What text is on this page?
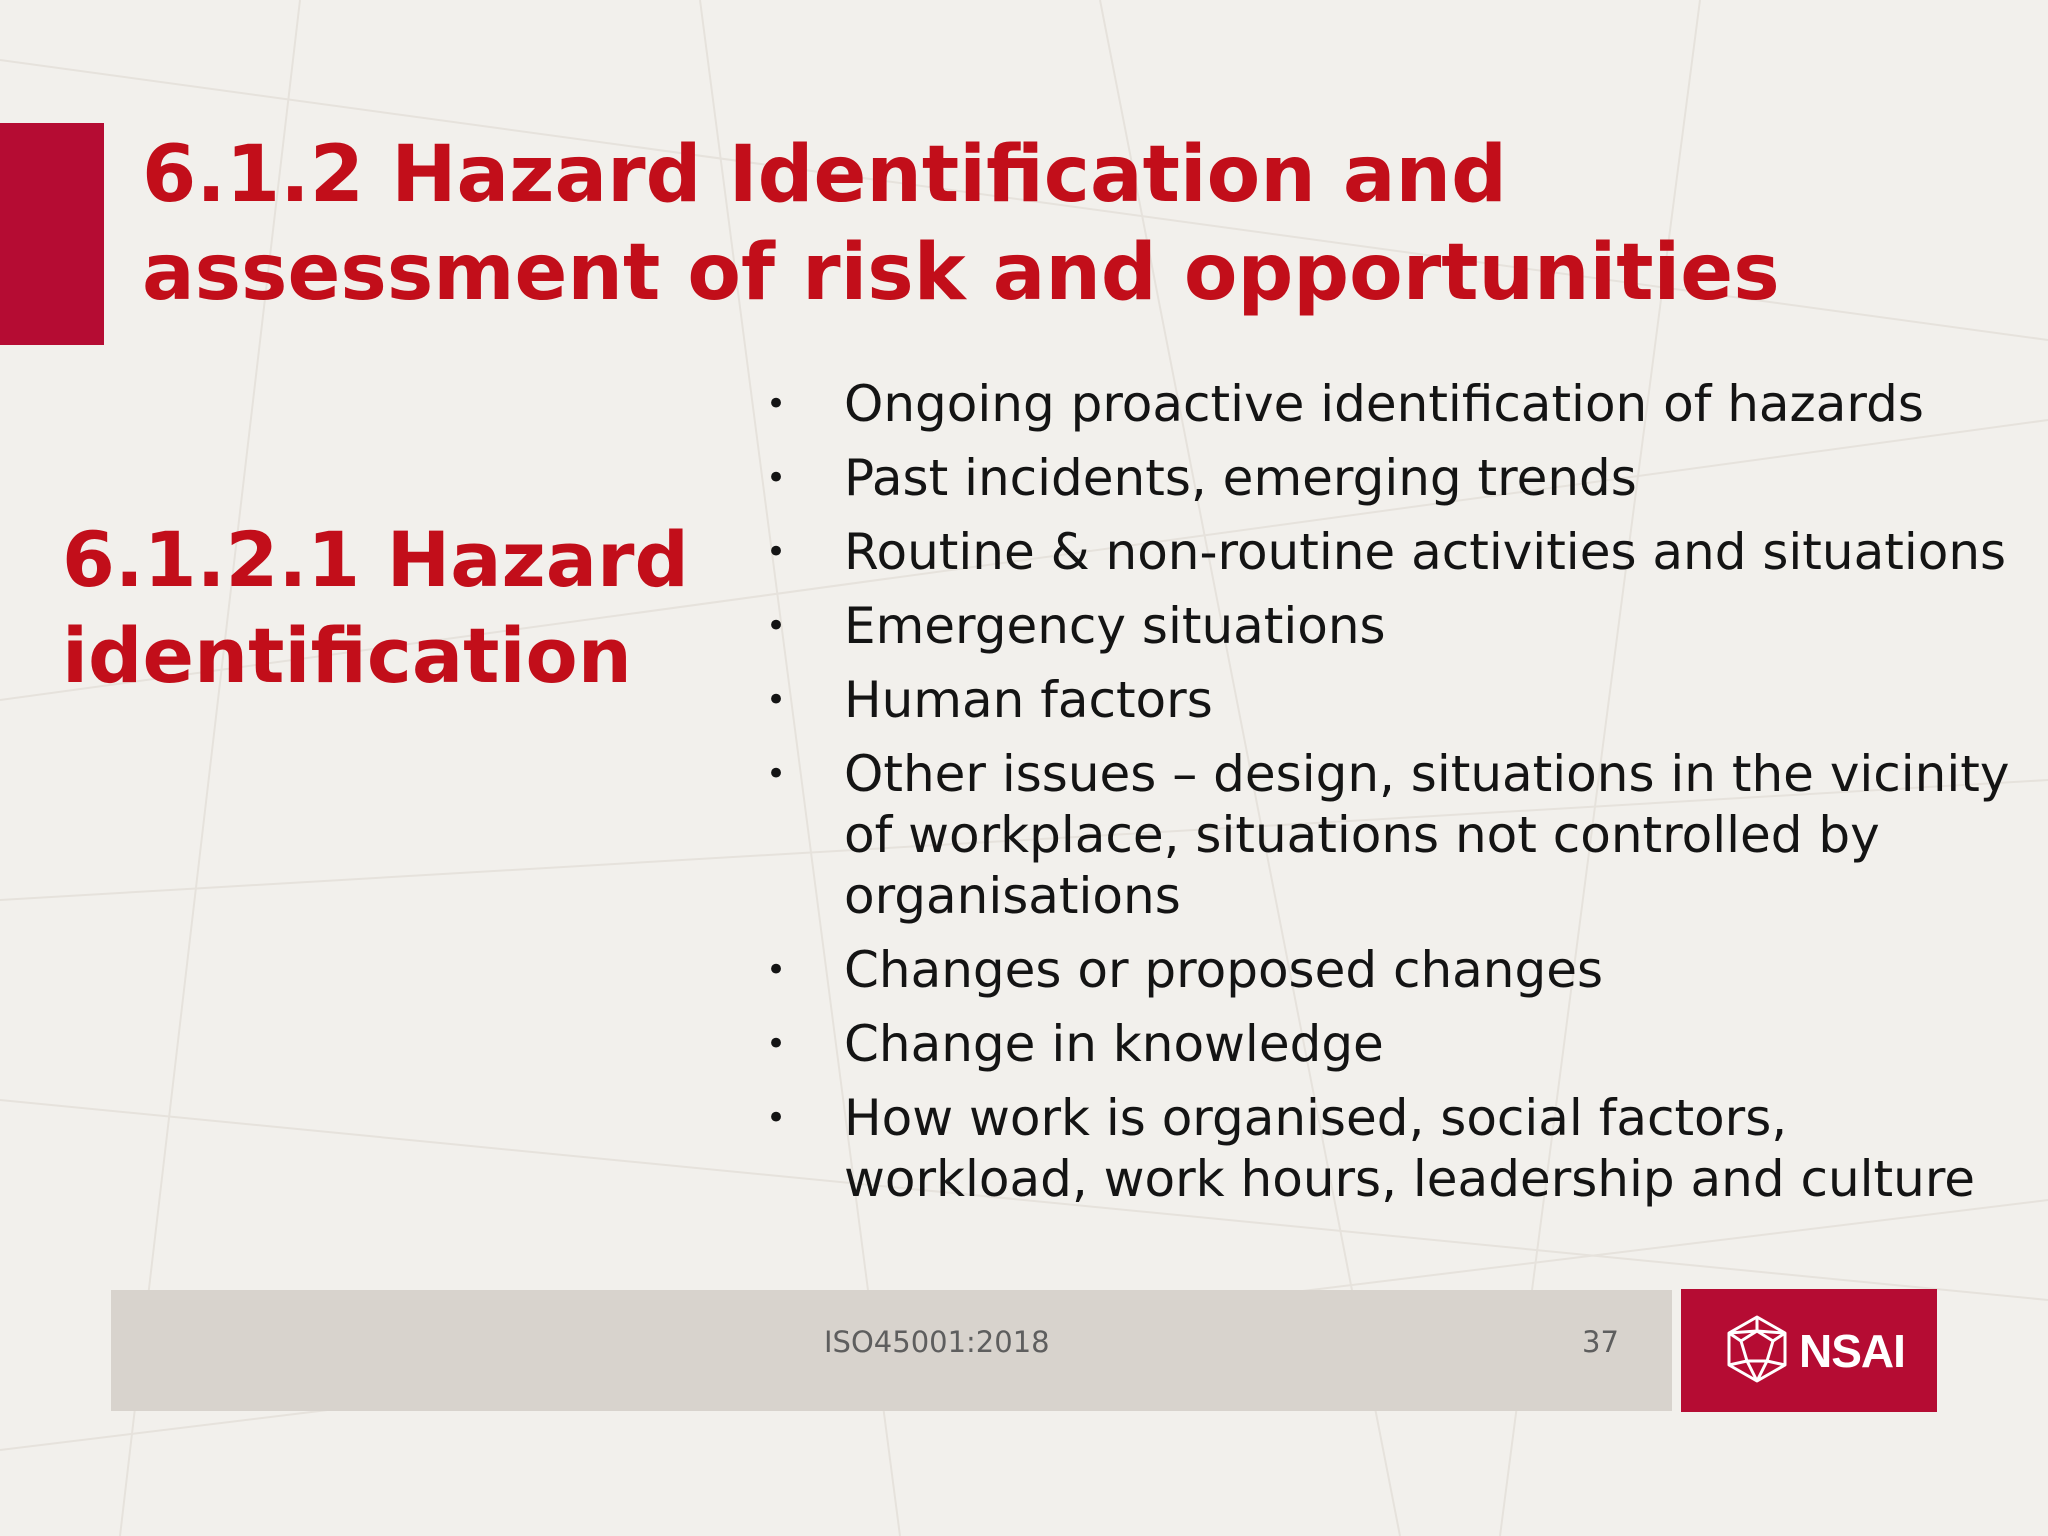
6.1.2 Hazard Identification and assessment of risk and opportunities
6.1.2.1 Hazard identification
• Ongoing proactive identification of hazards
• Past incidents, emerging trends
• Routine & non-routine activities and situations
• Emergency situations
• Human factors
• Other issues – design, situations in the vicinity of workplace, situations not controlled by organisations
• Changes or proposed changes
• Change in knowledge
• How work is organised, social factors, workload, work hours, leadership and culture
ISO45001:2018	37	NSAI
